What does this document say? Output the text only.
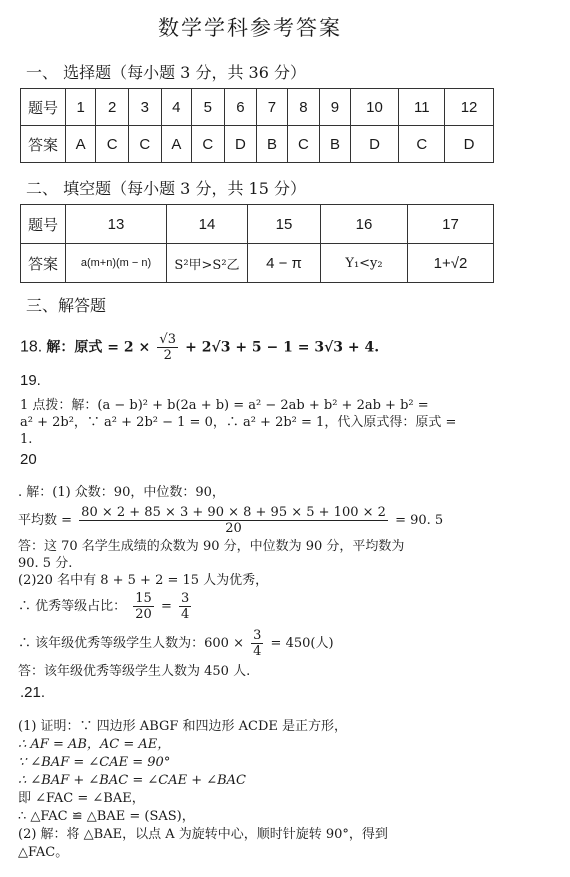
数学学科参考答案
一、 选择题（每小题 3 分，共 36 分）
题号	1	2	3	4	5	6	7	8	9	10	11	12
答案	A	C	C	A	C	D	B	C	B	D	C	D
二、 填空题（每小题 3 分，共 15 分）
题号	13	14	15	16	17
答案	a(m+n)(m − n)	S²甲>S²乙	4 − π	Y₁<y₂	1+√2
三、解答题
18. 解：原式 = $2 \times \frac{√3}{2} + 2√3 + 5 - 1 = 3√3 + 4$.
19.
1 点拨：解：(a − b)² + b(2a + b) = a² − 2ab + b² + 2ab + b² =
a² + 2b²，∵ a² + 2b² − 1 = 0，∴ a² + 2b² = 1，代入原式得：原式 =
1.
20
. 解：(1) 众数：90，中位数：90，
平均数 = $\frac{80 \times 2 + 85 \times 3 + 90 \times 8 + 95 \times 5 + 100 \times 2}{20} = 90$. 5
答：这 70 名学生成绩的众数为 90 分，中位数为 90 分，平均数为
90. 5 分.
(2)20 名中有 8 + 5 + 2 = 15 人为优秀，
∴ 优秀等级占比： $\frac{15}{20} = \frac{3}{4}$
∴ 该年级优秀等级学生人数为：$600 \times \frac{3}{4} = 450$(人)
答：该年级优秀等级学生人数为 450 人.
.21.
(1) 证明：∵ 四边形 ABGF 和四边形 ACDE 是正方形，
∴ AF = AB，AC = AE，
∵ ∠BAF = ∠CAE = 90°
∴ ∠BAF + ∠BAC = ∠CAE + ∠BAC
即 ∠FAC = ∠BAE，
∴ △FAC ≌ △BAE = (SAS)，
(2) 解：将 △BAE，以点 A 为旋转中心，顺时针旋转 90°，得到
△FAC。
